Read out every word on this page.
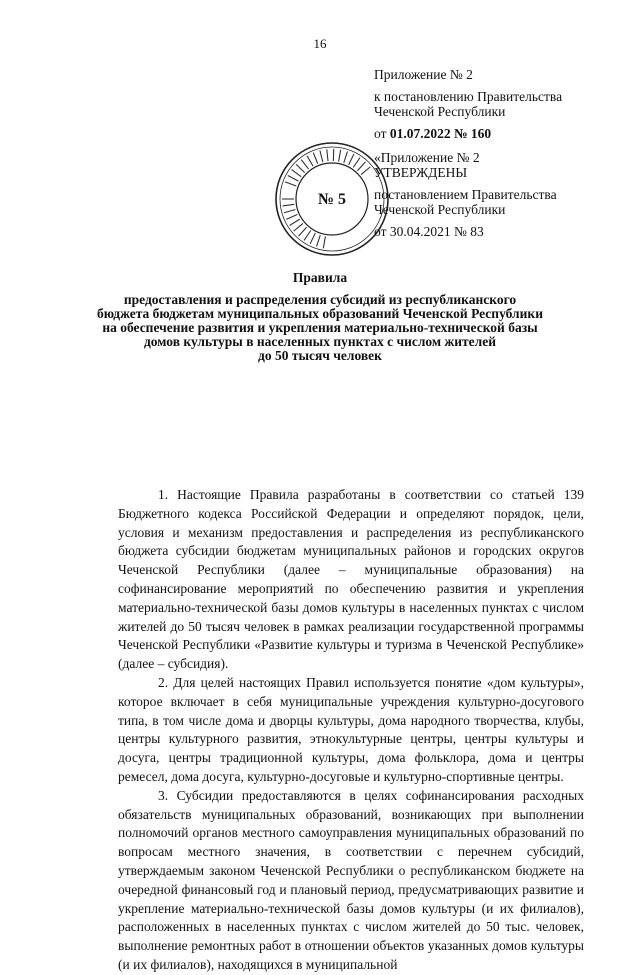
16
Приложение № 2
к постановлению Правительства
Чеченской Республики
от 01.07.2022 № 160
№ 5
«Приложение № 2
УТВЕРЖДЕНЫ
постановлением Правительства
Чеченской Республики
от 30.04.2021 № 83
Правила
предоставления и распределения субсидий из республиканского
бюджета бюджетам муниципальных образований Чеченской Республики
на обеспечение развития и укрепления материально-технической базы
домов культуры в населенных пунктах с числом жителей
до 50 тысяч человек

1. Настоящие Правила разработаны в соответствии со статьей 139 Бюджетного кодекса Российской Федерации и определяют порядок, цели, условия и механизм предоставления и распределения из республиканского бюджета субсидии бюджетам муниципальных районов и городских округов Чеченской Республики (далее – муниципальные образования) на софинансирование мероприятий по обеспечению развития и укрепления материально-технической базы домов культуры в населенных пунктах с числом жителей до 50 тысяч человек в рамках реализации государственной программы Чеченской Республики «Развитие культуры и туризма в Чеченской Республике» (далее – субсидия).

2. Для целей настоящих Правил используется понятие «дом культуры», которое включает в себя муниципальные учреждения культурно-досугового типа, в том числе дома и дворцы культуры, дома народного творчества, клубы, центры культурного развития, этнокультурные центры, центры культуры и досуга, центры традиционной культуры, дома фольклора, дома и центры ремесел, дома досуга, культурно-досуговые и культурно-спортивные центры.

3. Субсидии предоставляются в целях софинансирования расходных обязательств муниципальных образований, возникающих при выполнении полномочий органов местного самоуправления муниципальных образований по вопросам местного значения, в соответствии с перечнем субсидий, утверждаемым законом Чеченской Республики о республиканском бюджете на очередной финансовый год и плановый период, предусматривающих развитие и укрепление материально-технической базы домов культуры (и их филиалов), расположенных в населенных пунктах с числом жителей до 50 тыс. человек, выполнение ремонтных работ в отношении объектов указанных домов культуры (и их филиалов), находящихся в муниципальной
